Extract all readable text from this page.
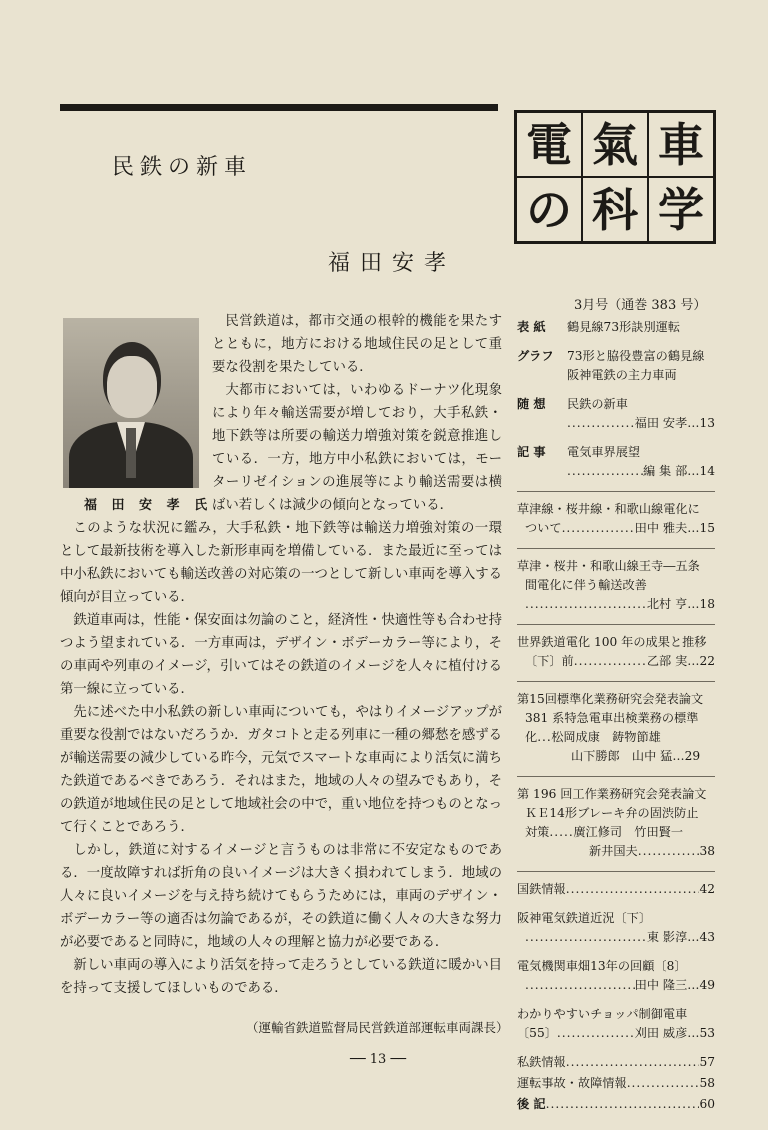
民鉄の新車
福田安孝
福 田 安 孝 氏

民営鉄道は，都市交通の根幹的機能を果たすとともに，地方における地域住民の足として重要な役割を果たしている．

大都市においては，いわゆるドーナツ化現象により年々輸送需要が増しており，大手私鉄・地下鉄等は所要の輸送力増強対策を鋭意推進している．一方，地方中小私鉄においては，モーターリゼイションの進展等により輸送需要は横ばい若しくは減少の傾向となっている．

このような状況に鑑み，大手私鉄・地下鉄等は輸送力増強対策の一環として最新技術を導入した新形車両を増備している．また最近に至っては中小私鉄においても輸送改善の対応策の一つとして新しい車両を導入する傾向が目立っている．

鉄道車両は，性能・保安面は勿論のこと，経済性・快適性等も合わせ持つよう望まれている．一方車両は，デザイン・ボデーカラー等により，その車両や列車のイメージ，引いてはその鉄道のイメージを人々に植付ける第一線に立っている．

先に述べた中小私鉄の新しい車両についても，やはりイメージアップが重要な役割ではないだろうか．ガタコトと走る列車に一種の郷愁を感ずるが輸送需要の減少している昨今，元気でスマートな車両により活気に満ちた鉄道であるべきであろう．それはまた，地域の人々の望みでもあり，その鉄道が地域住民の足として地域社会の中で，重い地位を持つものとなって行くことであろう．

しかし，鉄道に対するイメージと言うものは非常に不安定なものである．一度故障すれば折角の良いイメージは大きく損われてしまう．地域の人々に良いイメージを与え持ち続けてもらうためには，車両のデザイン・ボデーカラー等の適否は勿論であるが，その鉄道に働く人々の大きな努力が必要であると同時に，地域の人々の理解と協力が必要である．

新しい車両の導入により活気を持って走ろうとしている鉄道に暖かい目を持って支援してほしいものである．

（運輸省鉄道監督局民営鉄道部運転車両課長）
── 13 ──
電 氣 車
の 科 学
3月号（通巻 383 号）
表 紙	鶴見線73形訣別運転
グラフ	73形と脇役豊富の鶴見線
阪神電鉄の主力車両
随 想	民鉄の新車
.....
福田 安孝 … 13
記 事	電気車界展望
.....
編 集 部 … 14
草津線・桜井線・和歌山線電化に
ついて .....	田中 雅夫 … 15
草津・桜井・和歌山線王寺―五条
間電化に伴う輸送改善
.....
北村 亨 … 18
世界鉄道電化 100 年の成果と推移
〔下〕前 .....	乙部 実 … 22
第15回標準化業務研究会発表論文
381 系特急電車出検業務の標準
化 ..... 松岡成康　鋳物節雄
山下勝郎　山中 猛 … 29
第 196 回工作業務研究会発表論文
ＫＥ14形ブレーキ弁の固渋防止
対策 ..... 廣江修司　竹田賢一
新井国夫 .....	38
国鉄情報 .....	42
阪神電気鉄道近況〔下〕
.....
東 影淳 … 43
電気機関車畑13年の回顧〔8〕
.....
田中 隆三 … 49
わかりやすいチョッパ制御電車
〔55〕 .....	刈田 威彦 … 53
私鉄情報 .....	57
運転事故・故障情報 .....	58
後 記 .....	60
